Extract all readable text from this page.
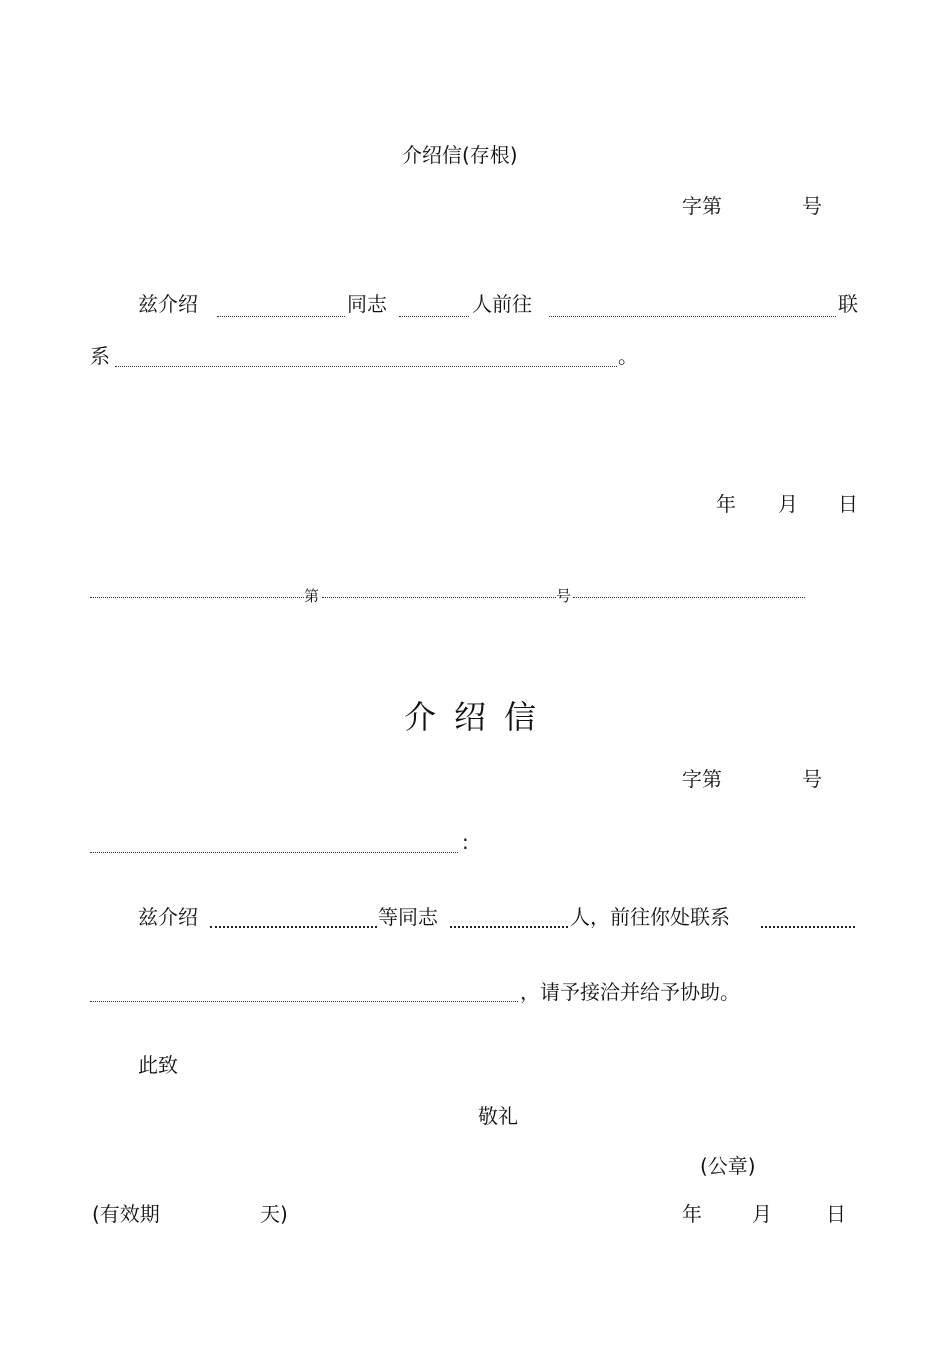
介绍信(存根)
字第	号
兹介绍	同志	人前往	联
系	。
年 月 日
第	号
介绍信
字第	号
:
兹介绍	等同志	人，前往你处联系
，请予接洽并给予协助。
此致
敬礼
(公章)
(有效期	天)	年	月	日
